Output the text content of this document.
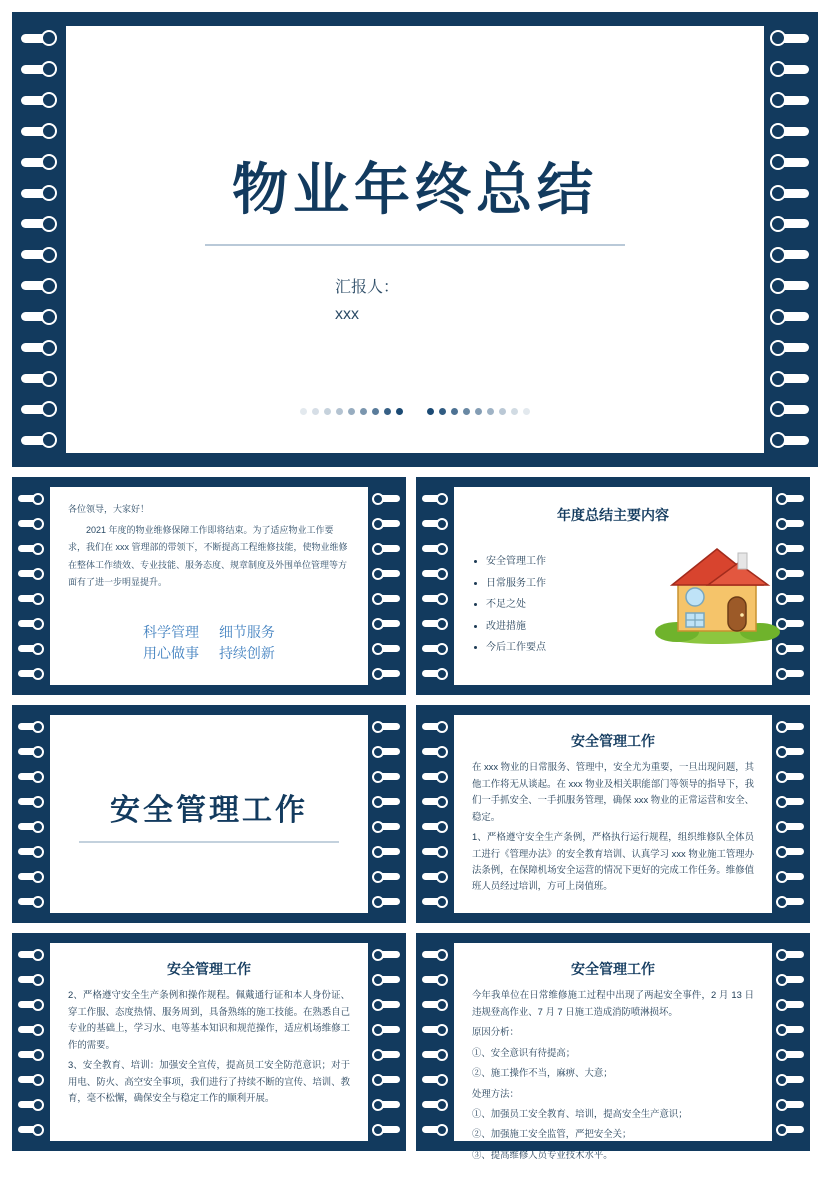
物业年终总结
汇报人：
xxx

各位领导，大家好！

2021 年度的物业维修保障工作即将结束。为了适应物业工作要求，我们在 xxx 管理部的带领下，不断提高工程维修技能，使物业维修在整体工作绩效、专业技能、服务态度、规章制度及外围单位管理等方面有了进一步明显提升。

科学管理 细节服务
用心做事 持续创新
年度总结主要内容
• 安全管理工作
• 日常服务工作
• 不足之处
• 改进措施
• 今后工作要点
安全管理工作
安全管理工作

在 xxx 物业的日常服务、管理中，安全尤为重要，一旦出现问题，其他工作将无从谈起。在 xxx 物业及相关职能部门等领导的指导下，我们一手抓安全、一手抓服务管理，确保 xxx 物业的正常运营和安全、稳定。

1、严格遵守安全生产条例，严格执行运行规程，组织维修队全体员工进行《管理办法》的安全教育培训、认真学习 xxx 物业施工管理办法条例，在保障机场安全运营的情况下更好的完成工作任务。维修值班人员经过培训，方可上岗值班。

安全管理工作

2、严格遵守安全生产条例和操作规程。佩戴通行证和本人身份证、穿工作服、态度热情、服务周到，具备熟练的施工技能。在熟悉自己专业的基础上，学习水、电等基本知识和规范操作，适应机场维修工作的需要。

3、安全教育、培训：加强安全宣传，提高员工安全防范意识；对于用电、防火、高空安全事项，我们进行了持续不断的宣传、培训、教育，毫不松懈，确保安全与稳定工作的顺利开展。

安全管理工作

今年我单位在日常维修施工过程中出现了两起安全事件，2 月 13 日违规登高作业、7 月 7 日施工造成消防喷淋损坏。

原因分析：

①、安全意识有待提高；

②、施工操作不当，麻痹、大意；

处理方法：

①、加强员工安全教育、培训，提高安全生产意识；

②、加强施工安全监管，严把安全关；

③、提高维修人员专业技术水平。
